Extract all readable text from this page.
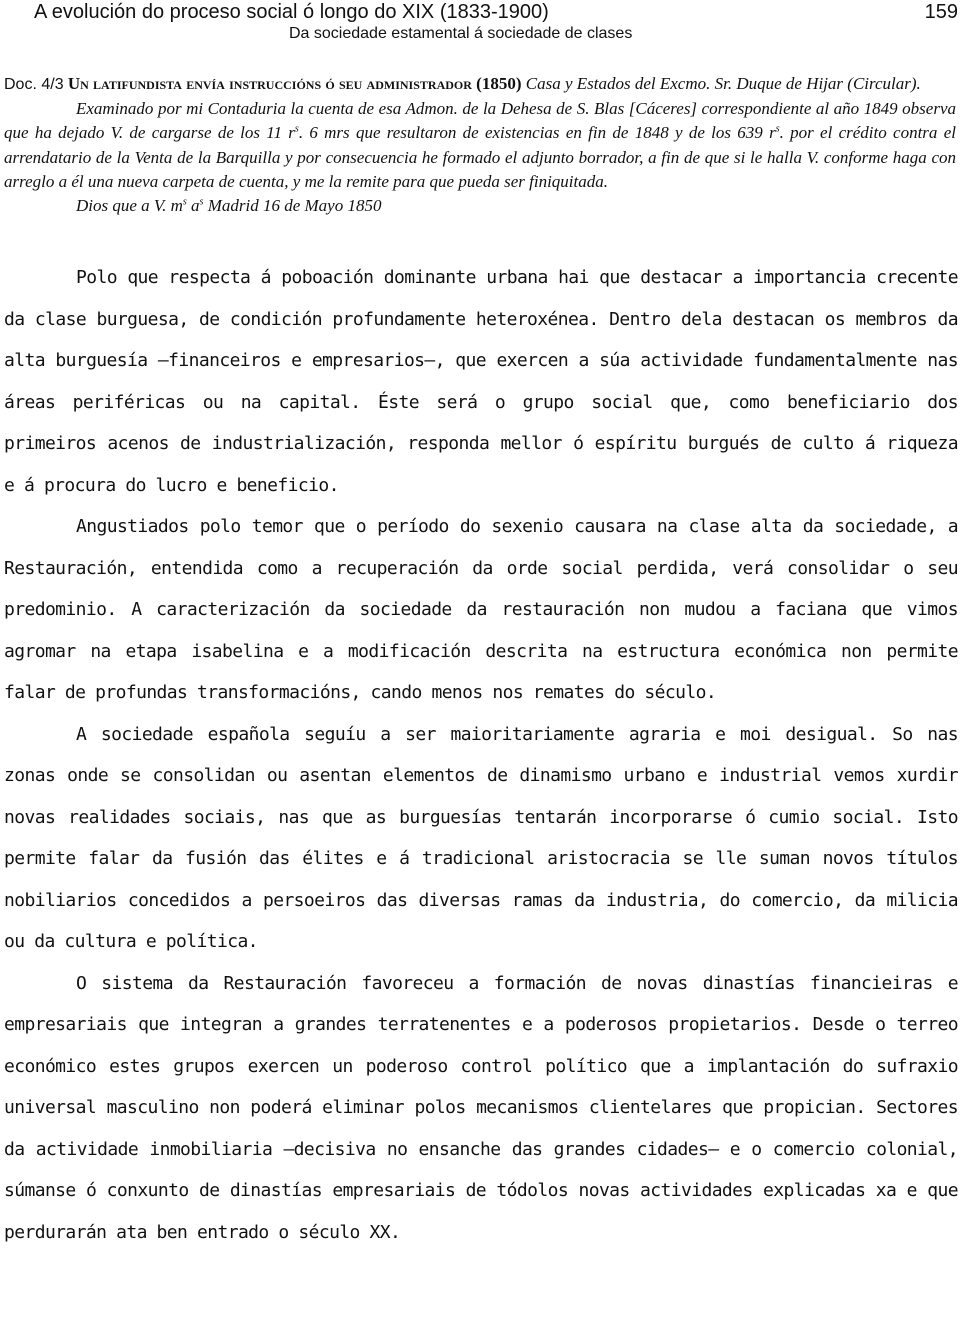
A evolución do proceso social ó longo do XIX (1833-1900)
Da sociedade estamental á sociedade de clases
159
Doc. 4/3 Un latifundista envía instruccións ó seu administrador (1850) Casa y Estados del Excmo. Sr. Duque de Hijar (Circular).
Examinado por mi Contaduria la cuenta de esa Admon. de la Dehesa de S. Blas [Cáceres] correspondiente al año 1849 observa que ha dejado V. de cargarse de los 11 $r^s$. 6 mrs que resultaron de existencias en fin de 1848 y de los 639 $r^s$. por el crédito contra el arrendatario de la Venta de la Barquilla y por consecuencia he formado el adjunto borrador, a fin de que si le halla V. conforme haga con arreglo a él una nueva carpeta de cuenta, y me la remite para que pueda ser finiquitada.
Dios que a V. $m^s$ $a^s$ Madrid 16 de Mayo 1850

Polo que respecta á poboación dominante urbana hai que destacar a importancia crecente da clase burguesa, de condición profundamente heteroxénea. Dentro dela destacan os membros da alta burguesía —financeiros e empresarios—, que exercen a súa actividade fundamentalmente nas áreas periféricas ou na capital. Éste será o grupo social que, como beneficiario dos primeiros acenos de industrialización, responda mellor ó espíritu burgués de culto á riqueza e á procura do lucro e beneficio.

Angustiados polo temor que o período do sexenio causara na clase alta da sociedade, a Restauración, entendida como a recuperación da orde social perdida, verá consolidar o seu predominio. A caracterización da sociedade da restauración non mudou a faciana que vimos agromar na etapa isabelina e a modificación descrita na estructura económica non permite falar de profundas transformacións, cando menos nos remates do século.

A sociedade española seguíu a ser maioritariamente agraria e moi desigual. So nas zonas onde se consolidan ou asentan elementos de dinamismo urbano e industrial vemos xurdir novas realidades sociais, nas que as burguesías tentarán incorporarse ó cumio social. Isto permite falar da fusión das élites e á tradicional aristocracia se lle suman novos títulos nobiliarios concedidos a persoeiros das diversas ramas da industria, do comercio, da milicia ou da cultura e política.

O sistema da Restauración favoreceu a formación de novas dinastías financieiras e empresariais que integran a grandes terratenentes e a poderosos propietarios. Desde o terreo económico estes grupos exercen un poderoso control político que a implantación do sufraxio universal masculino non poderá eliminar polos mecanismos clientelares que propician. Sectores da actividade inmobiliaria —decisiva no ensanche das grandes cidades— e o comercio colonial, súmanse ó conxunto de dinastías empresariais de tódolos novas actividades explicadas xa e que perdurarán ata ben entrado o século XX.
